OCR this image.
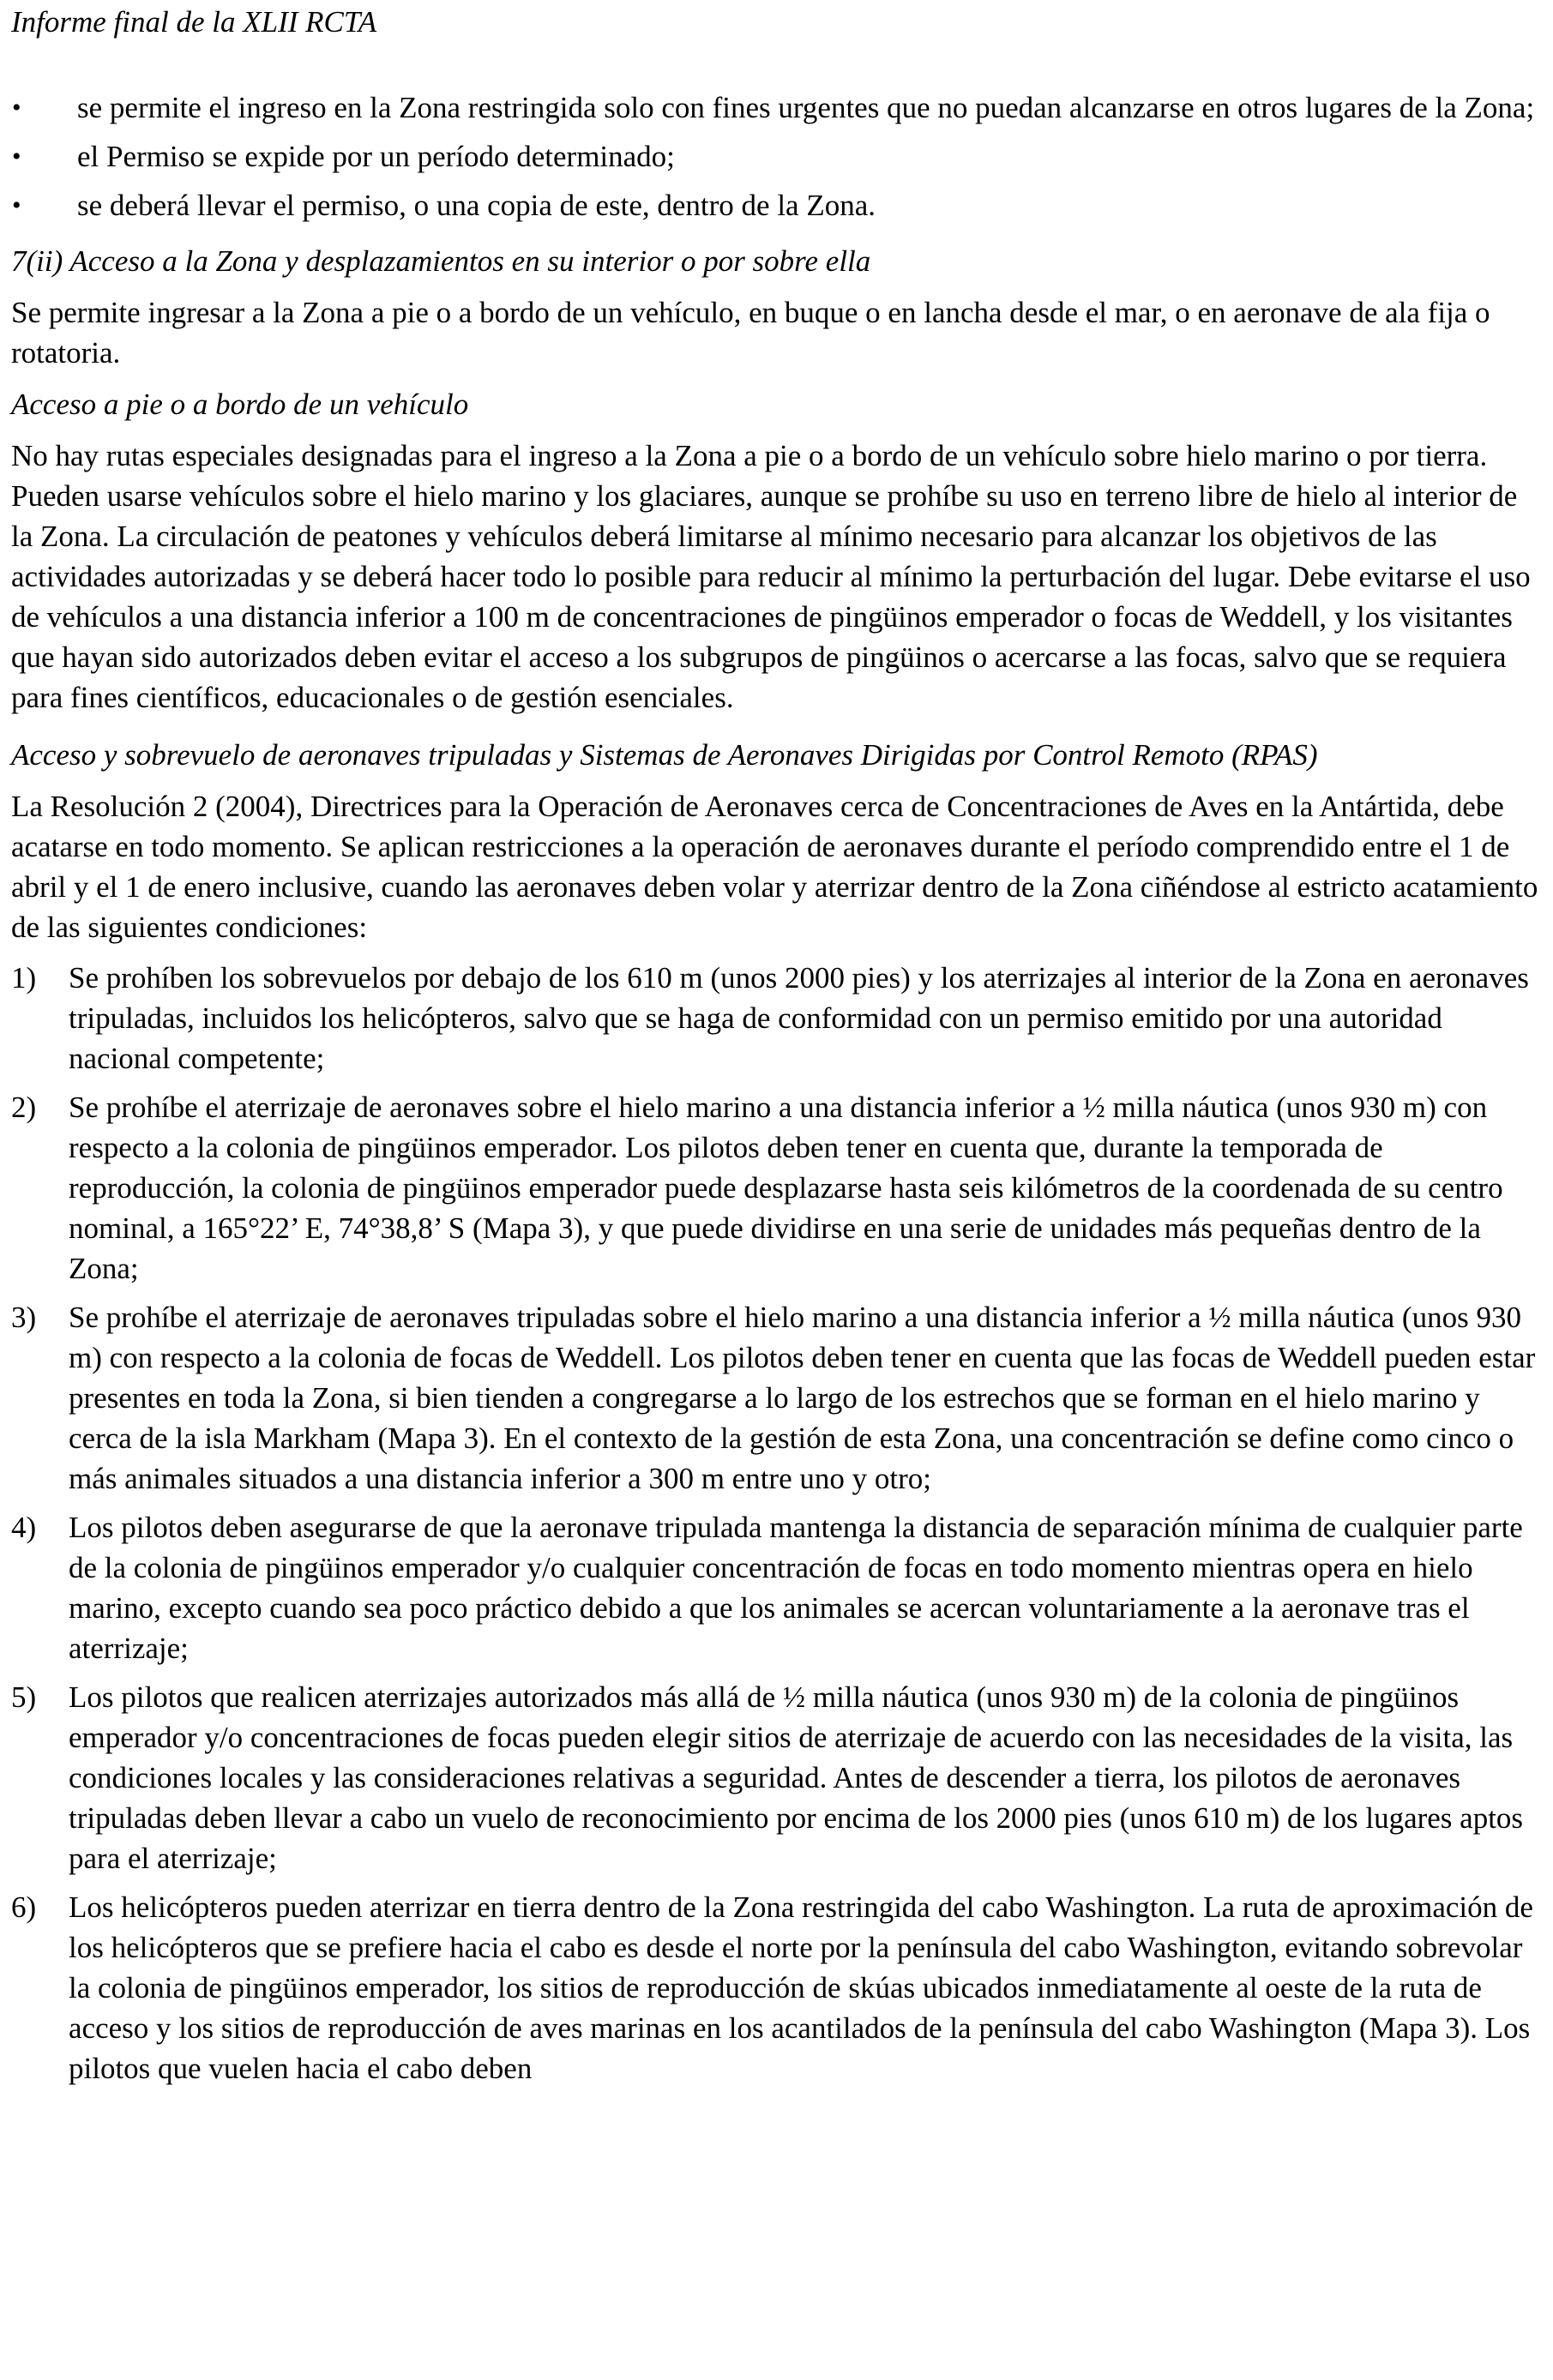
Informe final de la XLII RCTA

• se permite el ingreso en la Zona restringida solo con fines urgentes que no puedan alcanzarse en otros lugares de la Zona;
• el Permiso se expide por un período determinado;
• se deberá llevar el permiso, o una copia de este, dentro de la Zona.

7(ii) Acceso a la Zona y desplazamientos en su interior o por sobre ella

Se permite ingresar a la Zona a pie o a bordo de un vehículo, en buque o en lancha desde el mar, o en aeronave de ala fija o rotatoria.

Acceso a pie o a bordo de un vehículo

No hay rutas especiales designadas para el ingreso a la Zona a pie o a bordo de un vehículo sobre hielo marino o por tierra. Pueden usarse vehículos sobre el hielo marino y los glaciares, aunque se prohíbe su uso en terreno libre de hielo al interior de la Zona. La circulación de peatones y vehículos deberá limitarse al mínimo necesario para alcanzar los objetivos de las actividades autorizadas y se deberá hacer todo lo posible para reducir al mínimo la perturbación del lugar. Debe evitarse el uso de vehículos a una distancia inferior a 100 m de concentraciones de pingüinos emperador o focas de Weddell, y los visitantes que hayan sido autorizados deben evitar el acceso a los subgrupos de pingüinos o acercarse a las focas, salvo que se requiera para fines científicos, educacionales o de gestión esenciales.

Acceso y sobrevuelo de aeronaves tripuladas y Sistemas de Aeronaves Dirigidas por Control Remoto (RPAS)

La Resolución 2 (2004), Directrices para la Operación de Aeronaves cerca de Concentraciones de Aves en la Antártida, debe acatarse en todo momento. Se aplican restricciones a la operación de aeronaves durante el período comprendido entre el 1 de abril y el 1 de enero inclusive, cuando las aeronaves deben volar y aterrizar dentro de la Zona ciñéndose al estricto acatamiento de las siguientes condiciones:

1) Se prohíben los sobrevuelos por debajo de los 610 m (unos 2000 pies) y los aterrizajes al interior de la Zona en aeronaves tripuladas, incluidos los helicópteros, salvo que se haga de conformidad con un permiso emitido por una autoridad nacional competente;
2) Se prohíbe el aterrizaje de aeronaves sobre el hielo marino a una distancia inferior a ½ milla náutica (unos 930 m) con respecto a la colonia de pingüinos emperador. Los pilotos deben tener en cuenta que, durante la temporada de reproducción, la colonia de pingüinos emperador puede desplazarse hasta seis kilómetros de la coordenada de su centro nominal, a 165°22’ E, 74°38,8’ S (Mapa 3), y que puede dividirse en una serie de unidades más pequeñas dentro de la Zona;
3) Se prohíbe el aterrizaje de aeronaves tripuladas sobre el hielo marino a una distancia inferior a ½ milla náutica (unos 930 m) con respecto a la colonia de focas de Weddell. Los pilotos deben tener en cuenta que las focas de Weddell pueden estar presentes en toda la Zona, si bien tienden a congregarse a lo largo de los estrechos que se forman en el hielo marino y cerca de la isla Markham (Mapa 3). En el contexto de la gestión de esta Zona, una concentración se define como cinco o más animales situados a una distancia inferior a 300 m entre uno y otro;
4) Los pilotos deben asegurarse de que la aeronave tripulada mantenga la distancia de separación mínima de cualquier parte de la colonia de pingüinos emperador y/o cualquier concentración de focas en todo momento mientras opera en hielo marino, excepto cuando sea poco práctico debido a que los animales se acercan voluntariamente a la aeronave tras el aterrizaje;
5) Los pilotos que realicen aterrizajes autorizados más allá de ½ milla náutica (unos 930 m) de la colonia de pingüinos emperador y/o concentraciones de focas pueden elegir sitios de aterrizaje de acuerdo con las necesidades de la visita, las condiciones locales y las consideraciones relativas a seguridad. Antes de descender a tierra, los pilotos de aeronaves tripuladas deben llevar a cabo un vuelo de reconocimiento por encima de los 2000 pies (unos 610 m) de los lugares aptos para el aterrizaje;
6) Los helicópteros pueden aterrizar en tierra dentro de la Zona restringida del cabo Washington. La ruta de aproximación de los helicópteros que se prefiere hacia el cabo es desde el norte por la península del cabo Washington, evitando sobrevolar la colonia de pingüinos emperador, los sitios de reproducción de skúas ubicados inmediatamente al oeste de la ruta de acceso y los sitios de reproducción de aves marinas en los acantilados de la península del cabo Washington (Mapa 3). Los pilotos que vuelen hacia el cabo deben
